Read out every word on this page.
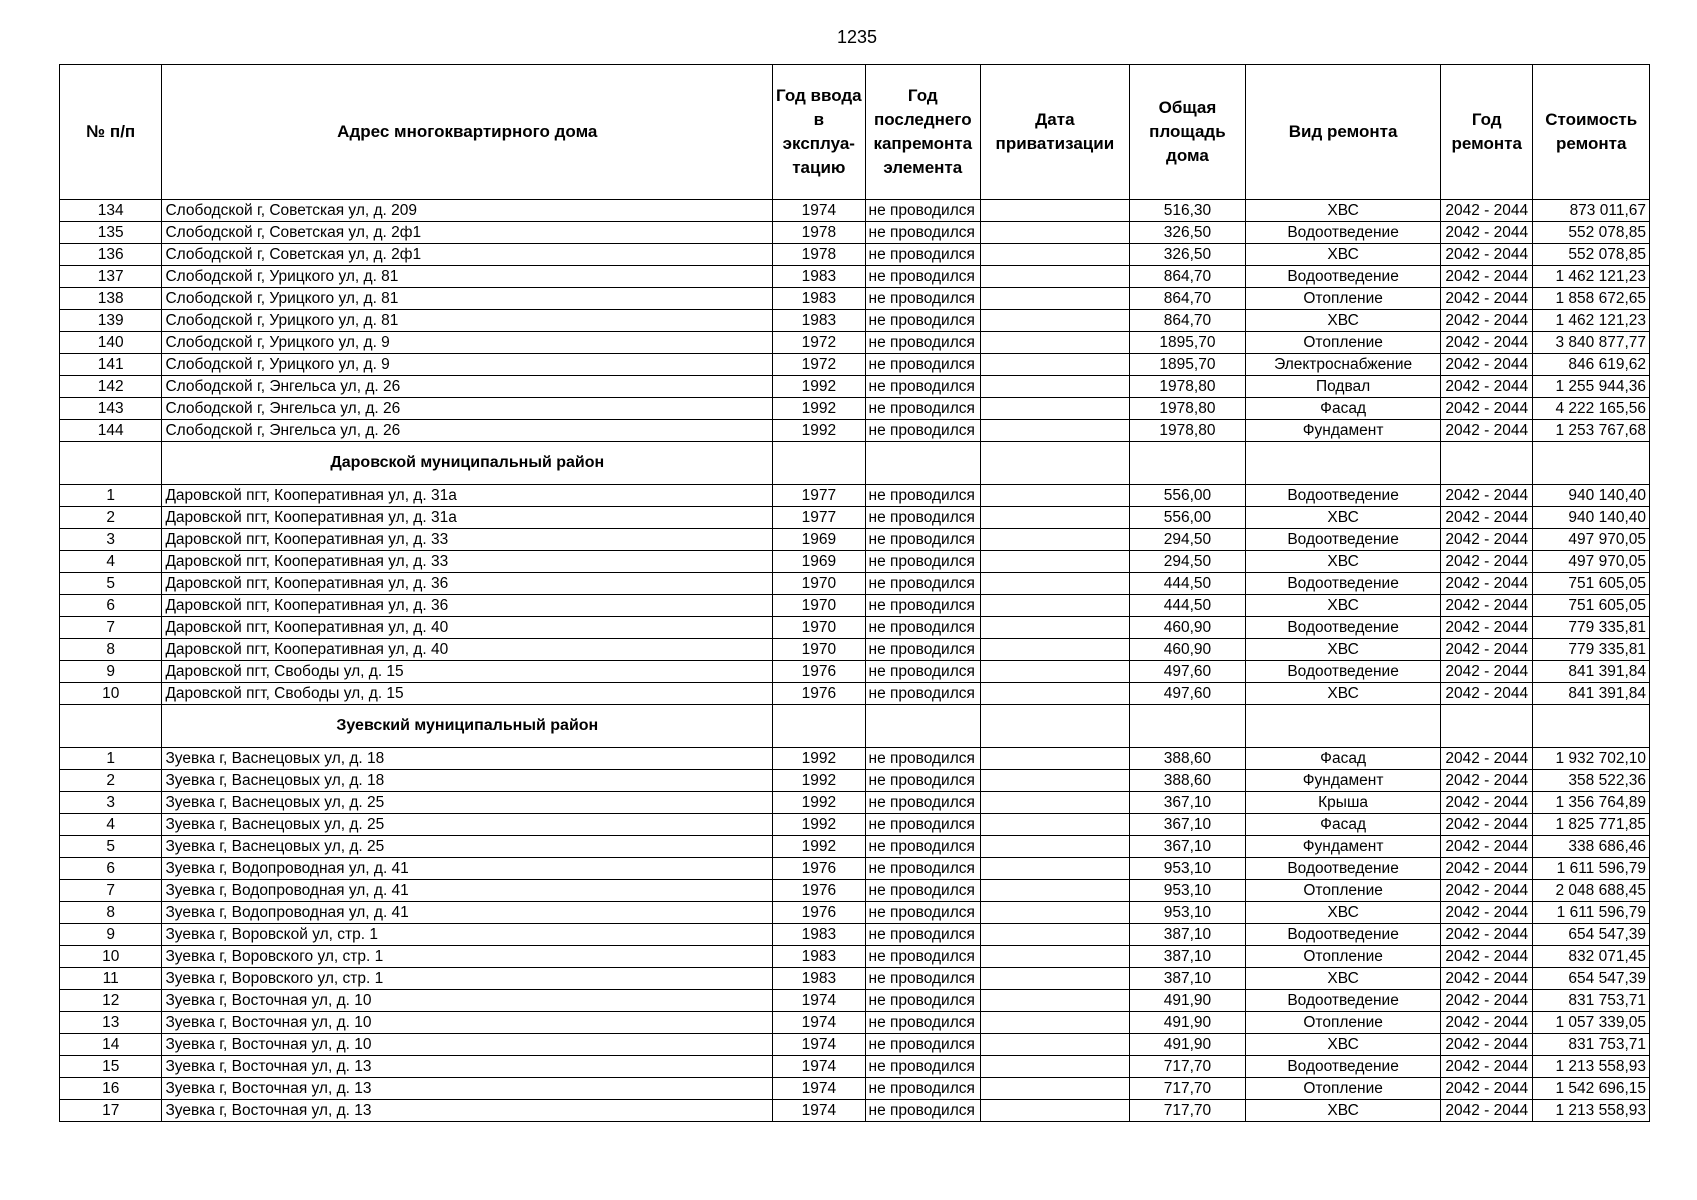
1235
№ п/п	Адрес многоквартирного дома	Год ввода в эксплуа-тацию	Год последнего капремонта элемента	Дата приватизации	Общая площадь дома	Вид ремонта	Год ремонта	Стоимость ремонта
134	Слободской г, Советская ул, д. 209	1974	не проводился		516,30	ХВС	2042 - 2044	873 011,67
135	Слободской г, Советская ул, д. 2ф1	1978	не проводился		326,50	Водоотведение	2042 - 2044	552 078,85
136	Слободской г, Советская ул, д. 2ф1	1978	не проводился		326,50	ХВС	2042 - 2044	552 078,85
137	Слободской г, Урицкого ул, д. 81	1983	не проводился		864,70	Водоотведение	2042 - 2044	1 462 121,23
138	Слободской г, Урицкого ул, д. 81	1983	не проводился		864,70	Отопление	2042 - 2044	1 858 672,65
139	Слободской г, Урицкого ул, д. 81	1983	не проводился		864,70	ХВС	2042 - 2044	1 462 121,23
140	Слободской г, Урицкого ул, д. 9	1972	не проводился		1895,70	Отопление	2042 - 2044	3 840 877,77
141	Слободской г, Урицкого ул, д. 9	1972	не проводился		1895,70	Электроснабжение	2042 - 2044	846 619,62
142	Слободской г, Энгельса ул, д. 26	1992	не проводился		1978,80	Подвал	2042 - 2044	1 255 944,36
143	Слободской г, Энгельса ул, д. 26	1992	не проводился		1978,80	Фасад	2042 - 2044	4 222 165,56
144	Слободской г, Энгельса ул, д. 26	1992	не проводился		1978,80	Фундамент	2042 - 2044	1 253 767,68
	Даровской муниципальный район							
1	Даровской пгт, Кооперативная ул, д. 31а	1977	не проводился		556,00	Водоотведение	2042 - 2044	940 140,40
2	Даровской пгт, Кооперативная ул, д. 31а	1977	не проводился		556,00	ХВС	2042 - 2044	940 140,40
3	Даровской пгт, Кооперативная ул, д. 33	1969	не проводился		294,50	Водоотведение	2042 - 2044	497 970,05
4	Даровской пгт, Кооперативная ул, д. 33	1969	не проводился		294,50	ХВС	2042 - 2044	497 970,05
5	Даровской пгт, Кооперативная ул, д. 36	1970	не проводился		444,50	Водоотведение	2042 - 2044	751 605,05
6	Даровской пгт, Кооперативная ул, д. 36	1970	не проводился		444,50	ХВС	2042 - 2044	751 605,05
7	Даровской пгт, Кооперативная ул, д. 40	1970	не проводился		460,90	Водоотведение	2042 - 2044	779 335,81
8	Даровской пгт, Кооперативная ул, д. 40	1970	не проводился		460,90	ХВС	2042 - 2044	779 335,81
9	Даровской пгт, Свободы ул, д. 15	1976	не проводился		497,60	Водоотведение	2042 - 2044	841 391,84
10	Даровской пгт, Свободы ул, д. 15	1976	не проводился		497,60	ХВС	2042 - 2044	841 391,84
	Зуевский муниципальный район							
1	Зуевка г, Васнецовых ул, д. 18	1992	не проводился		388,60	Фасад	2042 - 2044	1 932 702,10
2	Зуевка г, Васнецовых ул, д. 18	1992	не проводился		388,60	Фундамент	2042 - 2044	358 522,36
3	Зуевка г, Васнецовых ул, д. 25	1992	не проводился		367,10	Крыша	2042 - 2044	1 356 764,89
4	Зуевка г, Васнецовых ул, д. 25	1992	не проводился		367,10	Фасад	2042 - 2044	1 825 771,85
5	Зуевка г, Васнецовых ул, д. 25	1992	не проводился		367,10	Фундамент	2042 - 2044	338 686,46
6	Зуевка г, Водопроводная ул, д. 41	1976	не проводился		953,10	Водоотведение	2042 - 2044	1 611 596,79
7	Зуевка г, Водопроводная ул, д. 41	1976	не проводился		953,10	Отопление	2042 - 2044	2 048 688,45
8	Зуевка г, Водопроводная ул, д. 41	1976	не проводился		953,10	ХВС	2042 - 2044	1 611 596,79
9	Зуевка г, Воровской ул, стр. 1	1983	не проводился		387,10	Водоотведение	2042 - 2044	654 547,39
10	Зуевка г, Воровского ул, стр. 1	1983	не проводился		387,10	Отопление	2042 - 2044	832 071,45
11	Зуевка г, Воровского ул, стр. 1	1983	не проводился		387,10	ХВС	2042 - 2044	654 547,39
12	Зуевка г, Восточная ул, д. 10	1974	не проводился		491,90	Водоотведение	2042 - 2044	831 753,71
13	Зуевка г, Восточная ул, д. 10	1974	не проводился		491,90	Отопление	2042 - 2044	1 057 339,05
14	Зуевка г, Восточная ул, д. 10	1974	не проводился		491,90	ХВС	2042 - 2044	831 753,71
15	Зуевка г, Восточная ул, д. 13	1974	не проводился		717,70	Водоотведение	2042 - 2044	1 213 558,93
16	Зуевка г, Восточная ул, д. 13	1974	не проводился		717,70	Отопление	2042 - 2044	1 542 696,15
17	Зуевка г, Восточная ул, д. 13	1974	не проводился		717,70	ХВС	2042 - 2044	1 213 558,93
